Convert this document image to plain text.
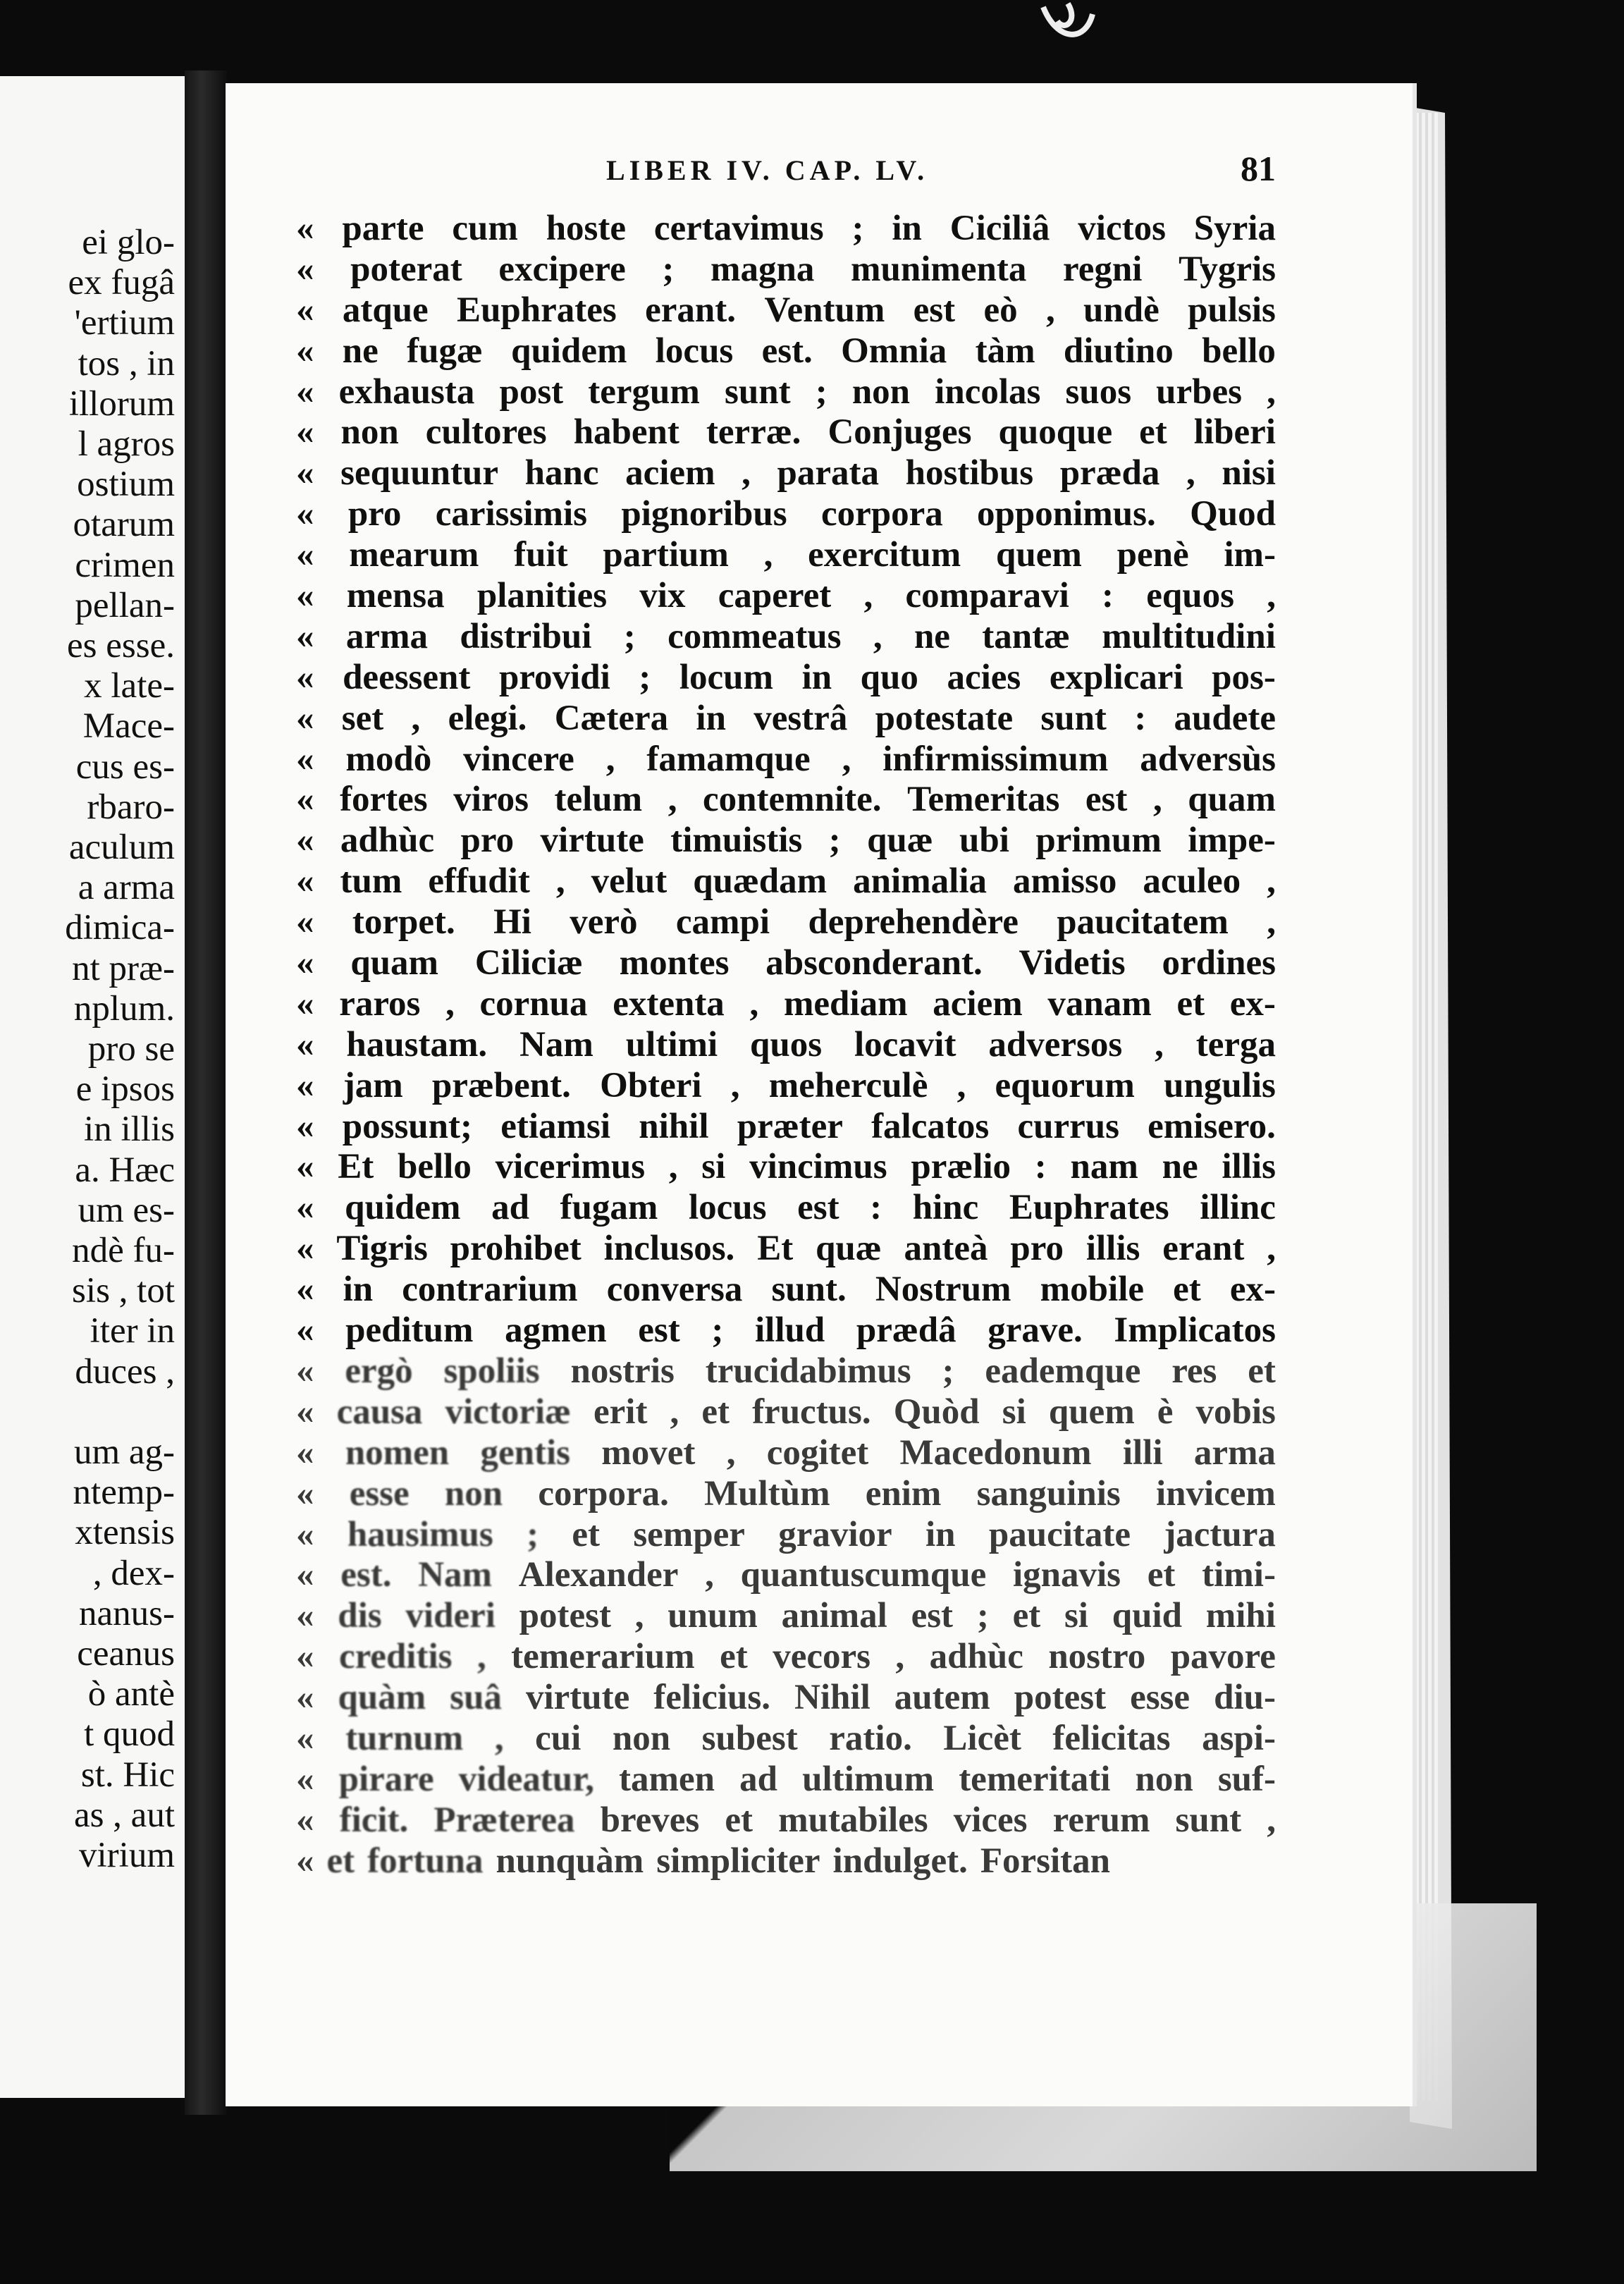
ei glo-
ex fugâ
'ertium
tos , in
illorum
l agros
ostium
otarum
crimen
pellan-
es esse.
x late-
Mace-
cus es-
rbaro-
aculum
a arma
dimica-
nt præ-
nplum.
pro se
e ipsos
in illis
a. Hæc
um es-
ndè fu-
sis , tot
iter in
duces ,
um ag-
ntemp-
xtensis
, dex-
nanus-
ceanus
ò antè
t quod
st. Hic
as , aut
virium
LIBER IV. CAP. LV.	81
« parte cum hoste certavimus ; in Ciciliâ victos Syria
« poterat excipere ; magna munimenta regni Tygris
« atque Euphrates erant. Ventum est eò , undè pulsis
« ne fugæ quidem locus est. Omnia tàm diutino bello
« exhausta post tergum sunt ; non incolas suos urbes ,
« non cultores habent terræ. Conjuges quoque et liberi
« sequuntur hanc aciem , parata hostibus præda , nisi
« pro carissimis pignoribus corpora opponimus. Quod
« mearum fuit partium , exercitum quem penè im-
« mensa planities vix caperet , comparavi : equos ,
« arma distribui ; commeatus , ne tantæ multitudini
« deessent providi ; locum in quo acies explicari pos-
« set , elegi. Cætera in vestrâ potestate sunt : audete
« modò vincere , famamque , infirmissimum adversùs
« fortes viros telum , contemnite. Temeritas est , quam
« adhùc pro virtute timuistis ; quæ ubi primum impe-
« tum effudit , velut quædam animalia amisso aculeo ,
« torpet. Hi verò campi deprehendère paucitatem ,
« quam Ciliciæ montes absconderant. Videtis ordines
« raros , cornua extenta , mediam aciem vanam et ex-
« haustam. Nam ultimi quos locavit adversos , terga
« jam præbent. Obteri , meherculè , equorum ungulis
« possunt; etiamsi nihil præter falcatos currus emisero.
« Et bello vicerimus , si vincimus prælio : nam ne illis
« quidem ad fugam locus est : hinc Euphrates illinc
« Tigris prohibet inclusos. Et quæ anteà pro illis erant ,
« in contrarium conversa sunt. Nostrum mobile et ex-
« peditum agmen est ; illud prædâ grave. Implicatos
« ergò spoliis nostris trucidabimus ; eademque res et
« causa victoriæ erit , et fructus. Quòd si quem è vobis
« nomen gentis movet , cogitet Macedonum illi arma
« esse non corpora. Multùm enim sanguinis invicem
« hausimus ; et semper gravior in paucitate jactura
« est. Nam Alexander , quantuscumque ignavis et timi-
« dis videri potest , unum animal est ; et si quid mihi
« creditis , temerarium et vecors , adhùc nostro pavore
« quàm suâ virtute felicius. Nihil autem potest esse diu-
« turnum , cui non subest ratio. Licèt felicitas aspi-
« pirare videatur, tamen ad ultimum temeritati non suf-
« ficit. Præterea breves et mutabiles vices rerum sunt ,
« et fortuna nunquàm simpliciter indulget. Forsitan
